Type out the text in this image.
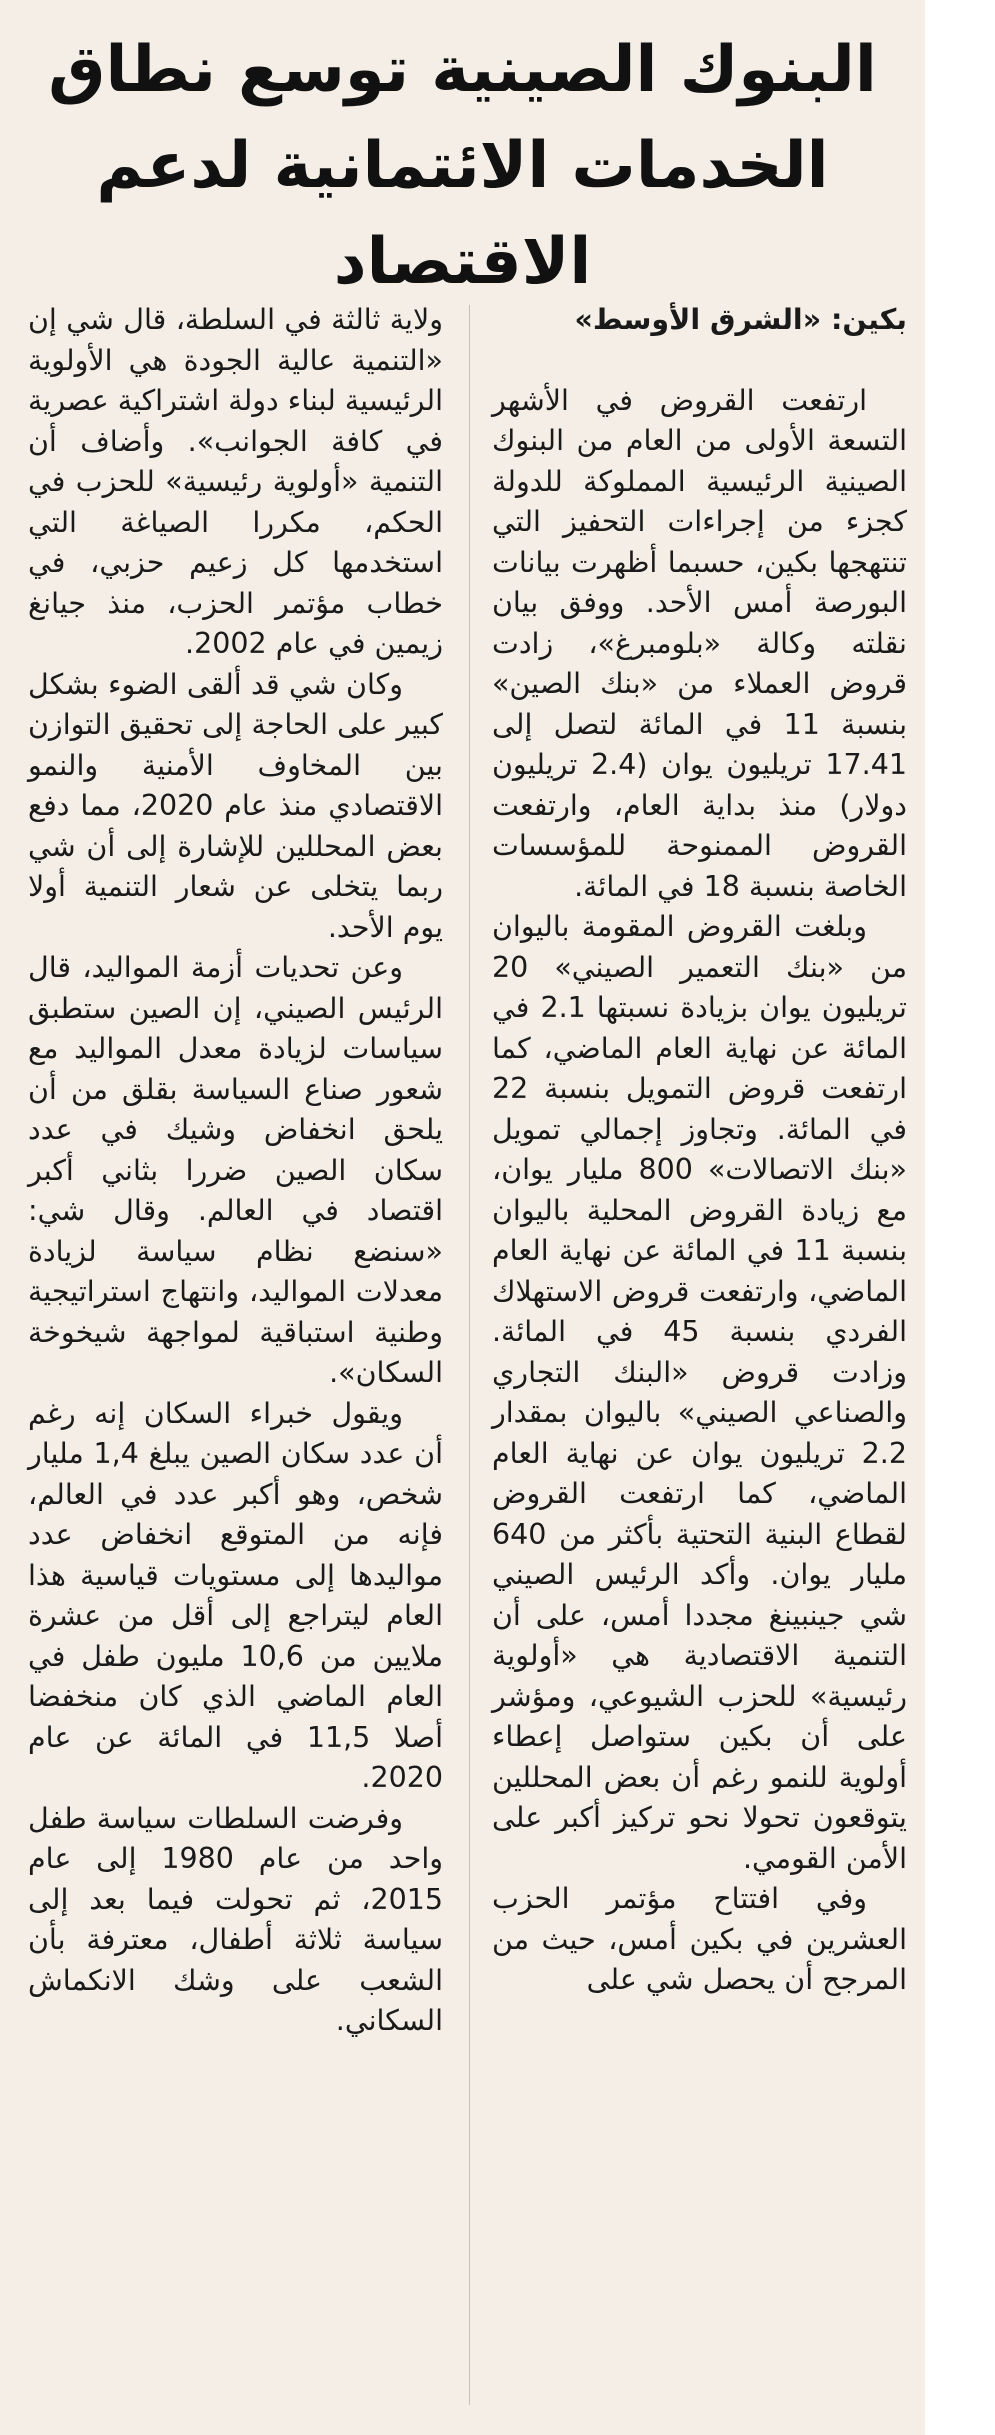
البنوك الصينية توسع نطاق
الخدمات الائتمانية لدعم الاقتصاد

بكين: «الشرق الأوسط»

ارتفعت القروض في الأشهر التسعة الأولى من العام من البنوك الصينية الرئيسية المملوكة للدولة كجزء من إجراءات التحفيز التي تنتهجها بكين، حسبما أظهرت بيانات البورصة أمس الأحد. ووفق بيان نقلته وكالة «بلومبرغ»، زادت قروض العملاء من «بنك الصين» بنسبة 11 في المائة لتصل إلى 17.41 تريليون يوان (2.4 تريليون دولار) منذ بداية العام، وارتفعت القروض الممنوحة للمؤسسات الخاصة بنسبة 18 في المائة.

وبلغت القروض المقومة باليوان من «بنك التعمير الصيني» 20 تريليون يوان بزيادة نسبتها 2.1 في المائة عن نهاية العام الماضي، كما ارتفعت قروض التمويل بنسبة 22 في المائة. وتجاوز إجمالي تمويل «بنك الاتصالات» 800 مليار يوان، مع زيادة القروض المحلية باليوان بنسبة 11 في المائة عن نهاية العام الماضي، وارتفعت قروض الاستهلاك الفردي بنسبة 45 في المائة. وزادت قروض «البنك التجاري والصناعي الصيني» باليوان بمقدار 2.2 تريليون يوان عن نهاية العام الماضي، كما ارتفعت القروض لقطاع البنية التحتية بأكثر من 640 مليار يوان. وأكد الرئيس الصيني شي جينبينغ مجددا أمس، على أن التنمية الاقتصادية هي «أولوية رئيسية» للحزب الشيوعي، ومؤشر على أن بكين ستواصل إعطاء أولوية للنمو رغم أن بعض المحللين يتوقعون تحولا نحو تركيز أكبر على الأمن القومي.

وفي افتتاح مؤتمر الحزب العشرين في بكين أمس، حيث من المرجح أن يحصل شي على

ولاية ثالثة في السلطة، قال شي إن «التنمية عالية الجودة هي الأولوية الرئيسية لبناء دولة اشتراكية عصرية في كافة الجوانب». وأضاف أن التنمية «أولوية رئيسية» للحزب في الحكم، مكررا الصياغة التي استخدمها كل زعيم حزبي، في خطاب مؤتمر الحزب، منذ جيانغ زيمين في عام 2002.

وكان شي قد ألقى الضوء بشكل كبير على الحاجة إلى تحقيق التوازن بين المخاوف الأمنية والنمو الاقتصادي منذ عام 2020، مما دفع بعض المحللين للإشارة إلى أن شي ربما يتخلى عن شعار التنمية أولا يوم الأحد.

وعن تحديات أزمة المواليد، قال الرئيس الصيني، إن الصين ستطبق سياسات لزيادة معدل المواليد مع شعور صناع السياسة بقلق من أن يلحق انخفاض وشيك في عدد سكان الصين ضررا بثاني أكبر اقتصاد في العالم. وقال شي: «سنضع نظام سياسة لزيادة معدلات المواليد، وانتهاج استراتيجية وطنية استباقية لمواجهة شيخوخة السكان».

ويقول خبراء السكان إنه رغم أن عدد سكان الصين يبلغ 1,4 مليار شخص، وهو أكبر عدد في العالم، فإنه من المتوقع انخفاض عدد مواليدها إلى مستويات قياسية هذا العام ليتراجع إلى أقل من عشرة ملايين من 10,6 مليون طفل في العام الماضي الذي كان منخفضا أصلا 11,5 في المائة عن عام 2020.

وفرضت السلطات سياسة طفل واحد من عام 1980 إلى عام 2015، ثم تحولت فيما بعد إلى سياسة ثلاثة أطفال، معترفة بأن الشعب على وشك الانكماش السكاني.
